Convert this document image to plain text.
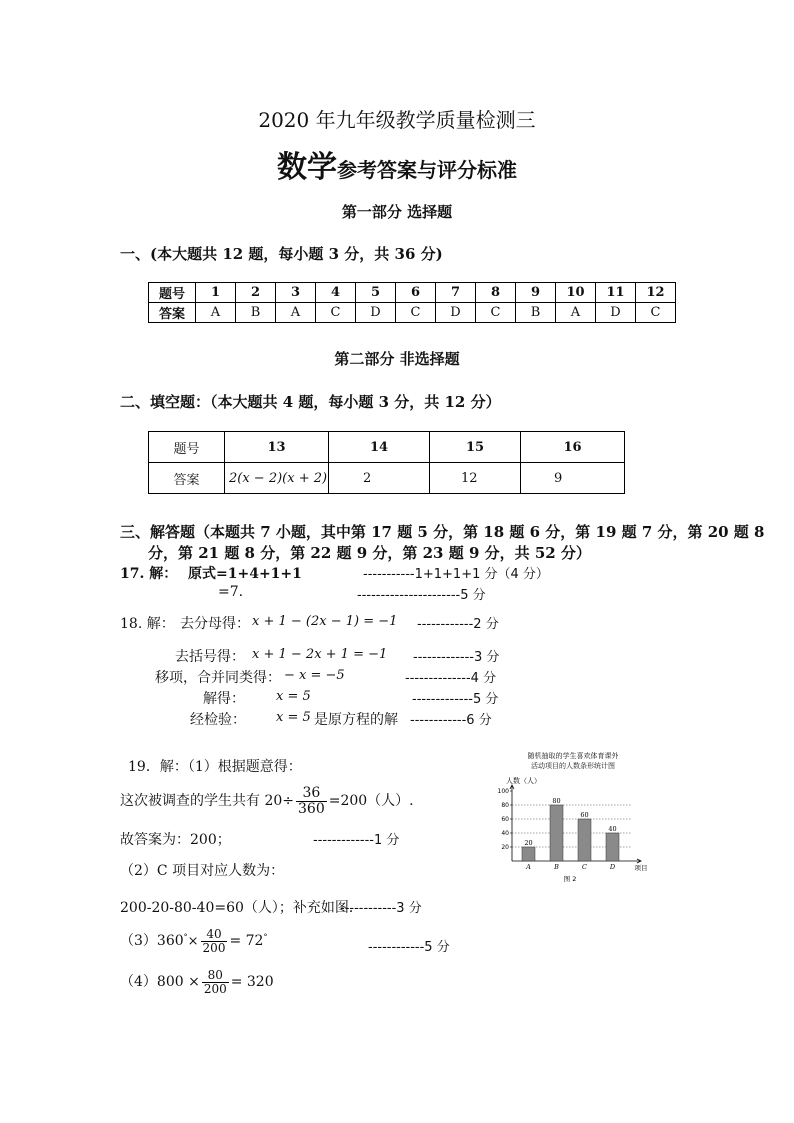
2020 年九年级教学质量检测三
数学参考答案与评分标准
第一部分 选择题
一、(本大题共 12 题，每小题 3 分，共 36 分)
题号	1	2	3	4	5	6	7	8	9	10	11	12
答案	A	B	A	C	D	C	D	C	B	A	D	C
第二部分 非选择题
二、填空题：（本大题共 4 题，每小题 3 分，共 12 分）
题号	13	14	15	16
答案	2(x − 2)(x + 2)	2	12	9
三、解答题（本题共 7 小题，其中第 17 题 5 分，第 18 题 6 分，第 19 题 7 分，第 20 题 8
分，第 21 题 8 分，第 22 题 9 分，第 23 题 9 分，共 52 分）
17. 解： 原式=1+4+1+1	-----------1+1+1+1 分（4 分）
=7.	----------------------5 分
18. 解： 去分母得： x + 1 − (2x − 1) = −1 ------------2 分
去括号得： x + 1 − 2x + 1 = −1 -------------3 分
移项，合并同类得： − x = −5	--------------4 分
解得： x = 5	-------------5 分
经检验： x = 5 是原方程的解 ------------6 分
19．解：（1）根据题意得：
这次被调查的学生共有 $20\div \frac{36}{360} =200$（人）.
故答案为：200；	-------------1 分
（2）C 项目对应人数为：
200-20-80-40=60（人）；补充如图．
------------3 分
$(3)360^\circ\times \frac{40}{200} = 72^\circ$
------------5 分
$(4)800 \times \frac{80}{200} = 320$
随机抽取的学生喜欢体育课外
活动项目的人数条形统计图
人数（人）
20
40
60
80
100
20
A
80
B
60
C
40
D	项目
图 2
